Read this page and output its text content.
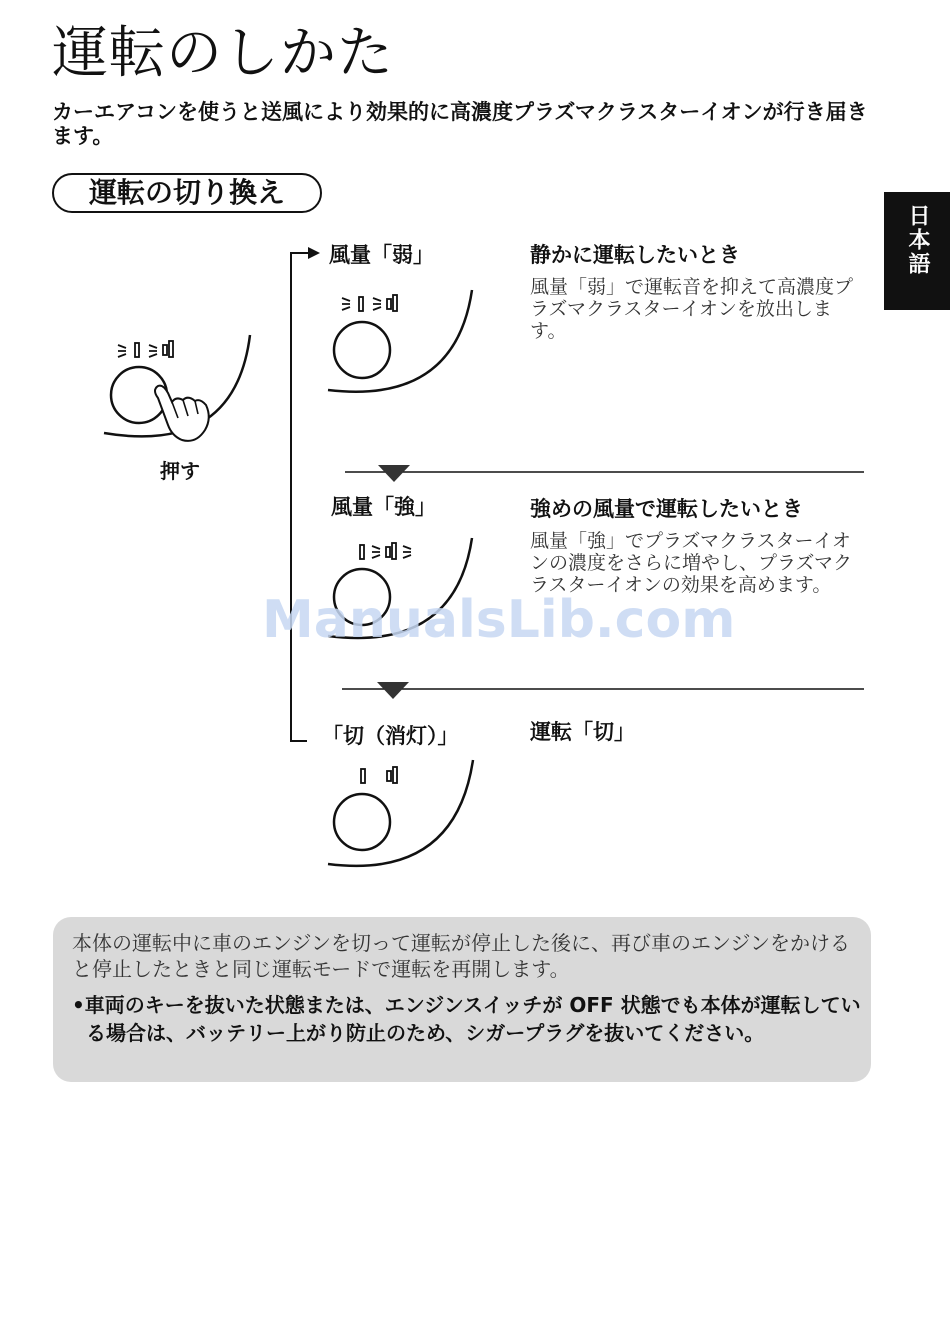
運転のしかた

カーエアコンを使うと送風により効果的に高濃度プラズマクラスターイオンが行き届きます。

運転の切り換え
日本語
押す
風量「弱」	静かに運転したいとき
風量「弱」で運転音を抑えて高濃度プラズマクラスターイオンを放出します。
風量「強」	強めの風量で運転したいとき
風量「強」でプラズマクラスターイオンの濃度をさらに増やし、プラズマクラスターイオンの効果を高めます。
「切（消灯）」	運転「切」

本体の運転中に車のエンジンを切って運転が停止した後に、再び車のエンジンをかけると停止したときと同じ運転モードで運転を再開します。

•車両のキーを抜いた状態または、エンジンスイッチが OFF 状態でも本体が運転している場合は、バッテリー上がり防止のため、シガープラグを抜いてください。

ManualsLib.com
